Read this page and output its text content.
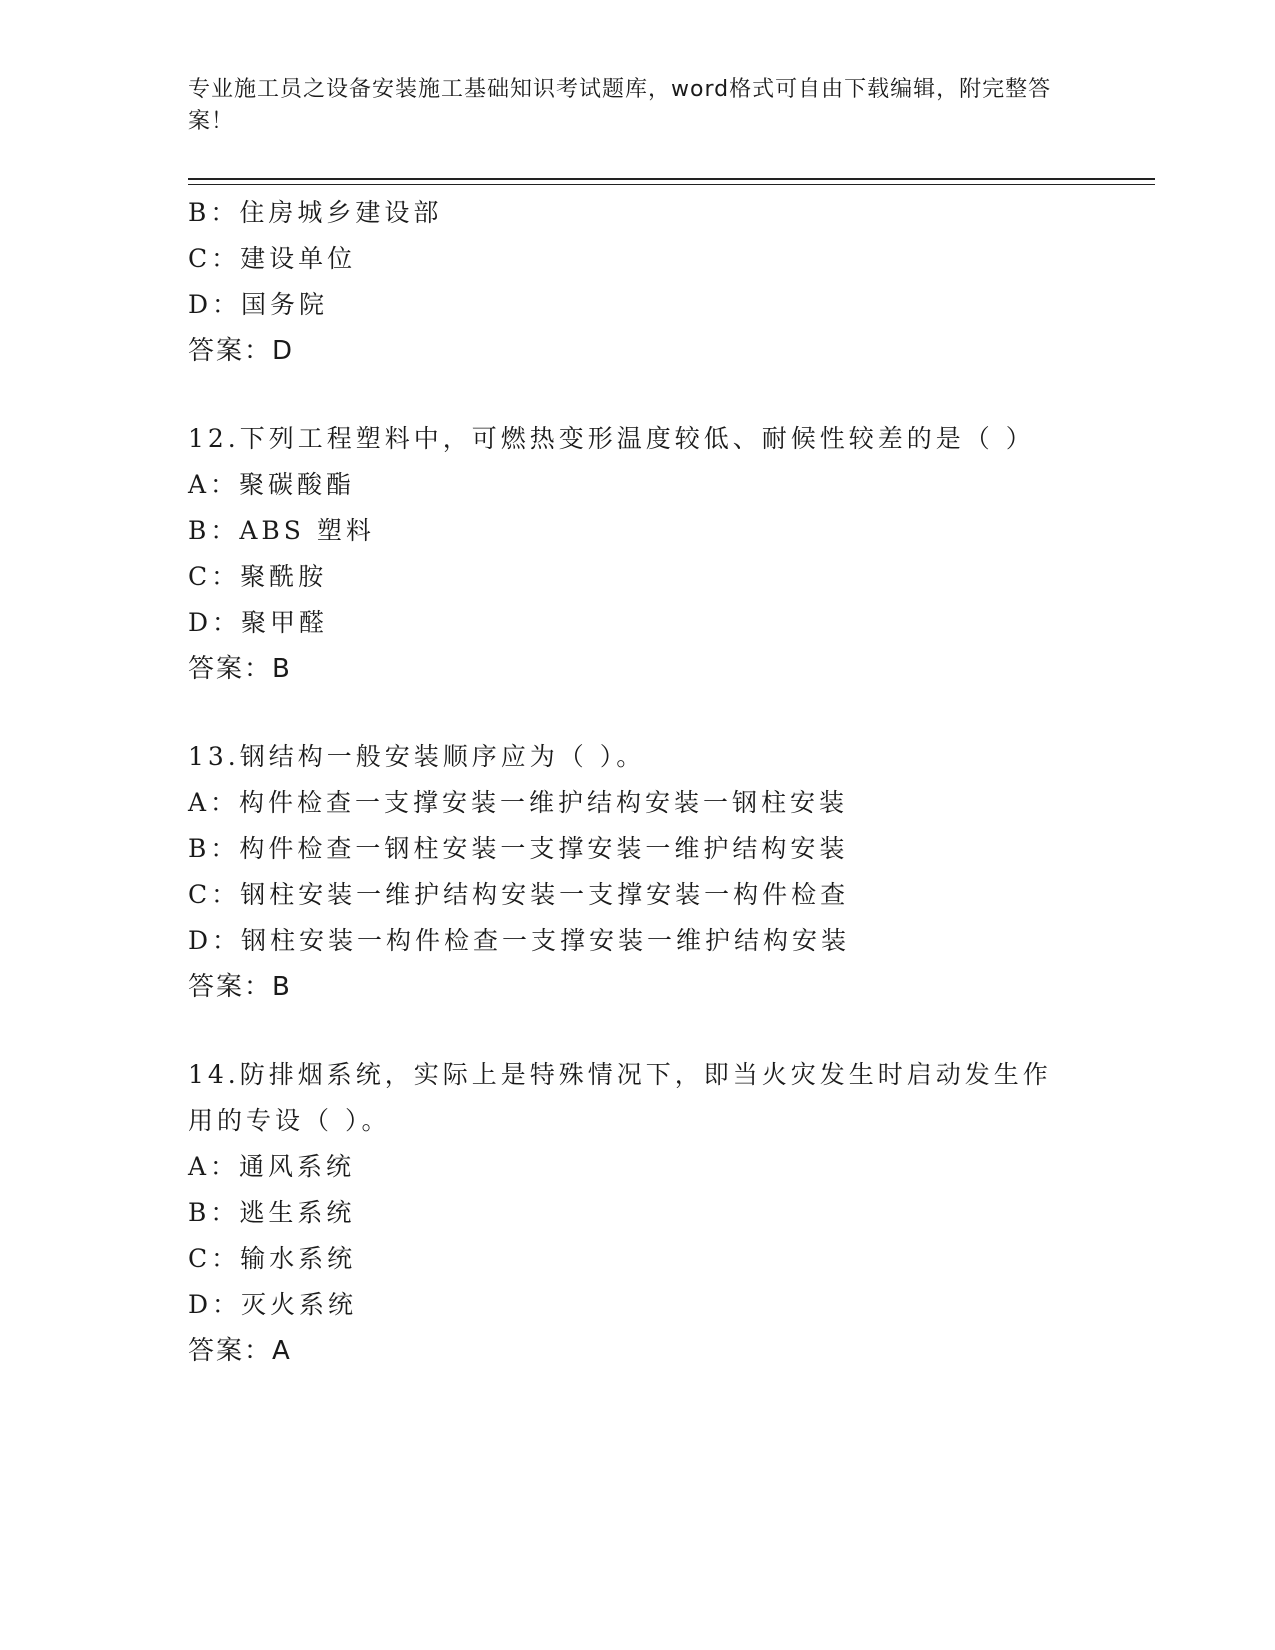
专业施工员之设备安装施工基础知识考试题库，word格式可自由下载编辑，附完整答案！
B：住房城乡建设部
C：建设单位
D：国务院
答案：D
12.下列工程塑料中，可燃热变形温度较低、耐候性较差的是（ ）
A：聚碳酸酯
B：ABS 塑料
C：聚酰胺
D：聚甲醛
答案：B
13.钢结构一般安装顺序应为（ ）。
A：构件检查一支撑安装一维护结构安装一钢柱安装
B：构件检查一钢柱安装一支撑安装一维护结构安装
C：钢柱安装一维护结构安装一支撑安装一构件检查
D：钢柱安装一构件检查一支撑安装一维护结构安装
答案：B
14.防排烟系统，实际上是特殊情况下，即当火灾发生时启动发生作用的专设（ ）。
A：通风系统
B：逃生系统
C：输水系统
D：灭火系统
答案：A
